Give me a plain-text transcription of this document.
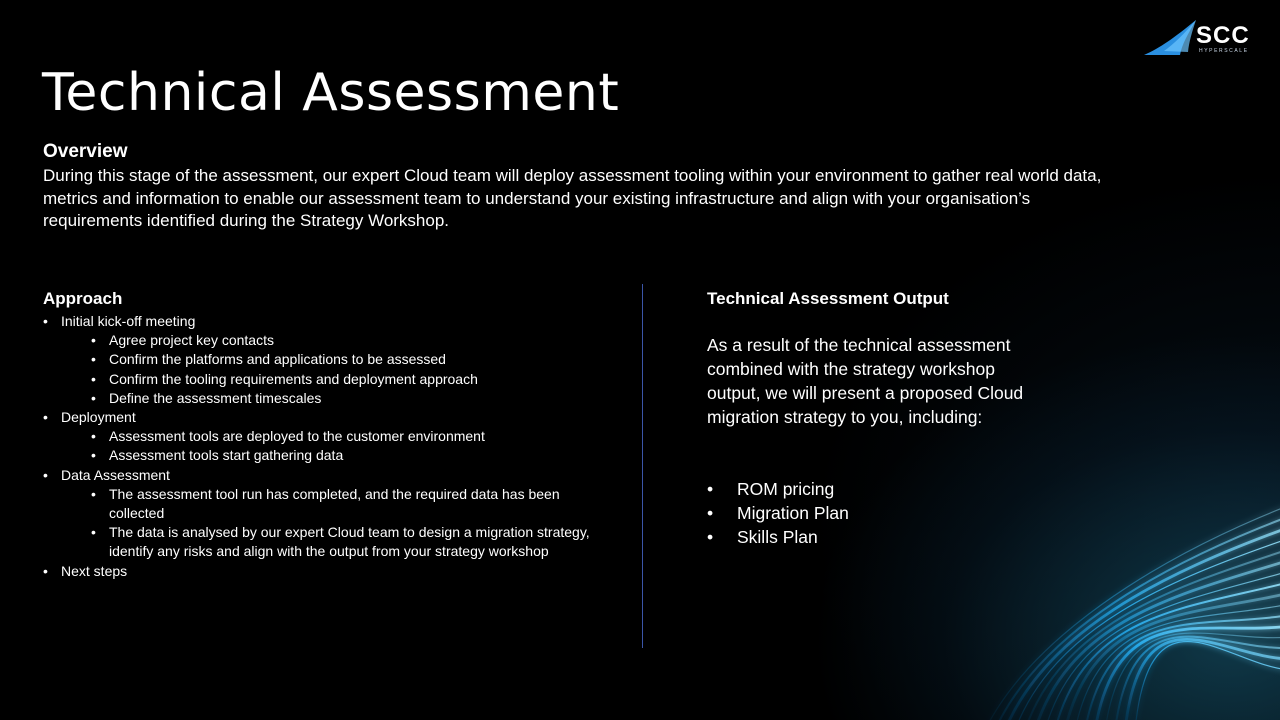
SCC
HYPERSCALE
Technical Assessment
Overview
During this stage of the assessment, our expert Cloud team will deploy assessment tooling within your environment to gather real world data, metrics and information to enable our assessment team to understand your existing infrastructure and align with your organisation’s requirements identified during the Strategy Workshop.
Approach
• Initial kick-off meeting
• Agree project key contacts
• Confirm the platforms and applications to be assessed
• Confirm the tooling requirements and deployment approach
• Define the assessment timescales
• Deployment
• Assessment tools are deployed to the customer environment
• Assessment tools start gathering data
• Data Assessment
• The assessment tool run has completed, and the required data has been collected
• The data is analysed by our expert Cloud team to design a migration strategy, identify any risks and align with the output from your strategy workshop
• Next steps
Technical Assessment Output
As a result of the technical assessment combined with the strategy workshop output, we will present a proposed Cloud migration strategy to you, including:
• ROM pricing
• Migration Plan
• Skills Plan
